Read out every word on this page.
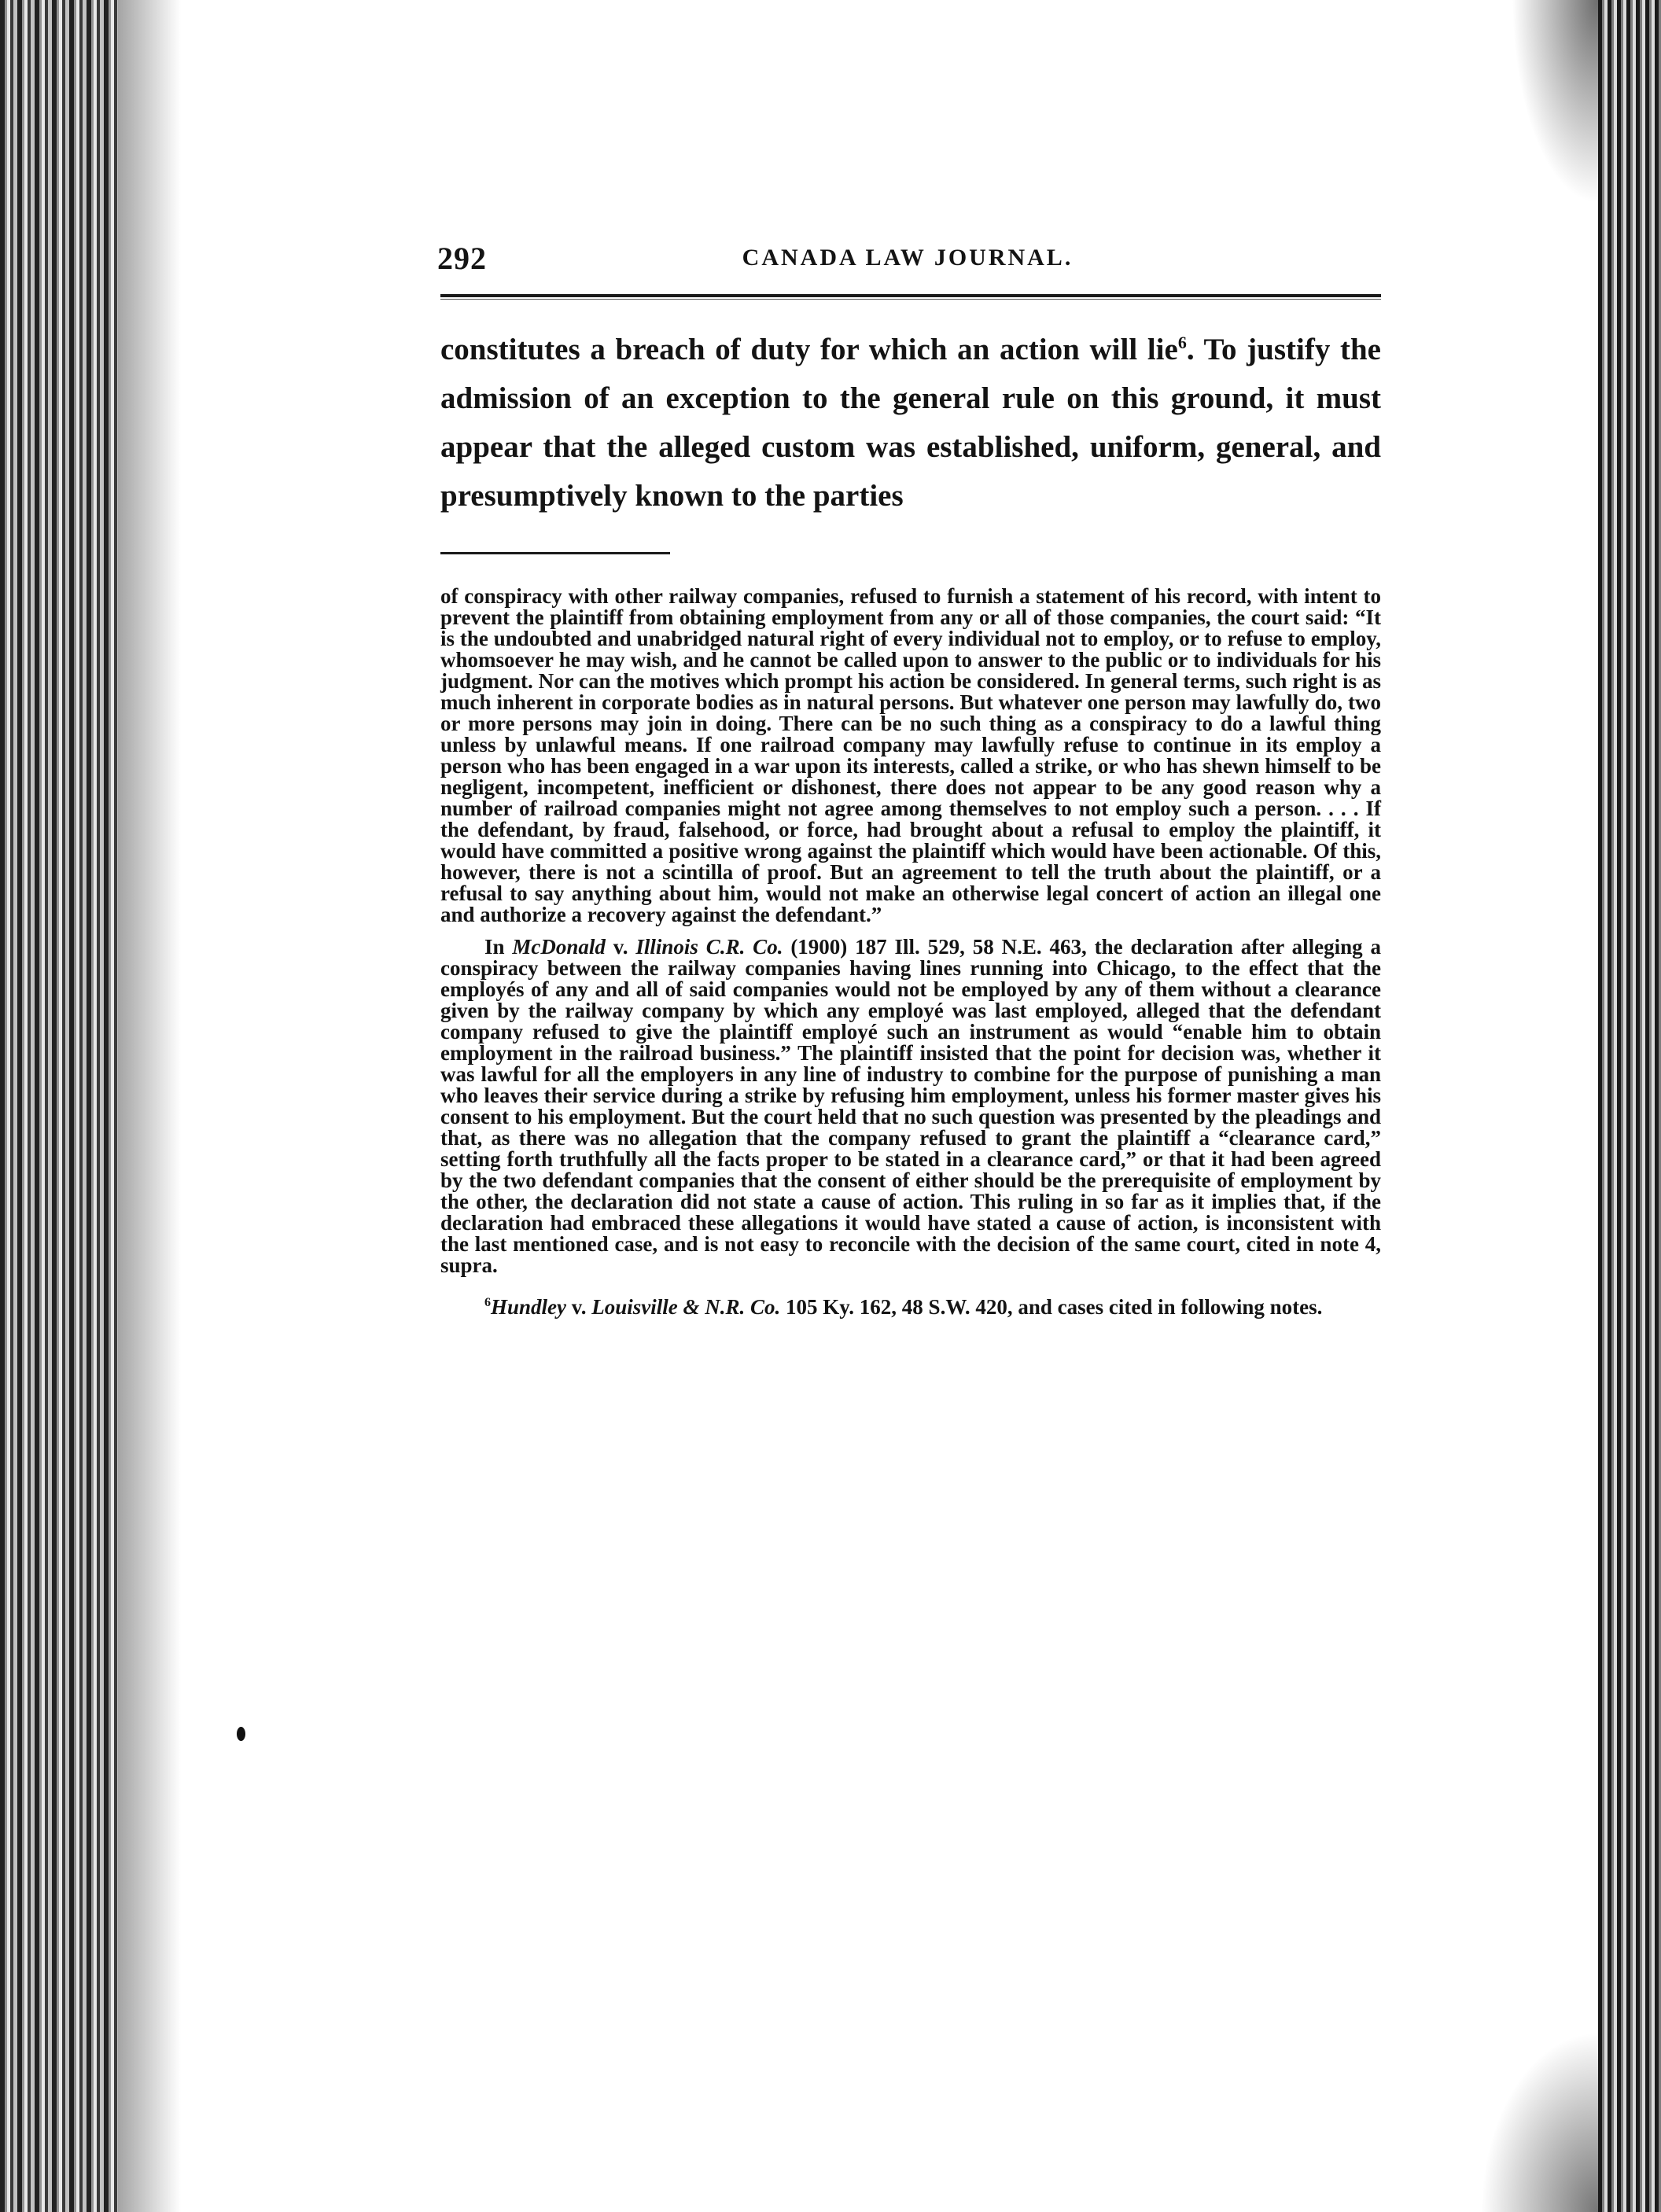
292	CANADA LAW JOURNAL.
constitutes a breach of duty for which an action will lie$^6$. To justify the admission of an exception to the general rule on this ground, it must appear that the alleged custom was established, uniform, general, and presumptively known to the parties

of conspiracy with other railway companies, refused to furnish a statement of his record, with intent to prevent the plaintiff from obtaining employment from any or all of those companies, the court said: “It is the undoubted and unabridged natural right of every individual not to employ, or to refuse to employ, whomsoever he may wish, and he cannot be called upon to answer to the public or to individuals for his judgment. Nor can the motives which prompt his action be considered. In general terms, such right is as much inherent in corporate bodies as in natural persons. But whatever one person may lawfully do, two or more persons may join in doing. There can be no such thing as a conspiracy to do a lawful thing unless by unlawful means. If one railroad company may lawfully refuse to continue in its employ a person who has been engaged in a war upon its interests, called a strike, or who has shewn himself to be negligent, incompetent, inefficient or dishonest, there does not appear to be any good reason why a number of railroad companies might not agree among themselves to not employ such a person. . . . If the defendant, by fraud, falsehood, or force, had brought about a refusal to employ the plaintiff, it would have committed a positive wrong against the plaintiff which would have been actionable. Of this, however, there is not a scintilla of proof. But an agreement to tell the truth about the plaintiff, or a refusal to say anything about him, would not make an otherwise legal concert of action an illegal one and authorize a recovery against the defendant.”

In McDonald v. Illinois C.R. Co. (1900) 187 Ill. 529, 58 N.E. 463, the declaration after alleging a conspiracy between the railway companies having lines running into Chicago, to the effect that the employés of any and all of said companies would not be employed by any of them without a clearance given by the railway company by which any employé was last employed, alleged that the defendant company refused to give the plaintiff employé such an instrument as would “enable him to obtain employment in the railroad business.” The plaintiff insisted that the point for decision was, whether it was lawful for all the employers in any line of industry to combine for the purpose of punishing a man who leaves their service during a strike by refusing him employment, unless his former master gives his consent to his employment. But the court held that no such question was presented by the pleadings and that, as there was no allegation that the company refused to grant the plaintiff a “clearance card,” setting forth truthfully all the facts proper to be stated in a clearance card,” or that it had been agreed by the two defendant companies that the consent of either should be the prerequisite of employment by the other, the declaration did not state a cause of action. This ruling in so far as it implies that, if the declaration had embraced these allegations it would have stated a cause of action, is inconsistent with the last mentioned case, and is not easy to reconcile with the decision of the same court, cited in note 4, supra.

$^6$Hundley v. Louisville & N.R. Co. 105 Ky. 162, 48 S.W. 420, and cases cited in following notes.
